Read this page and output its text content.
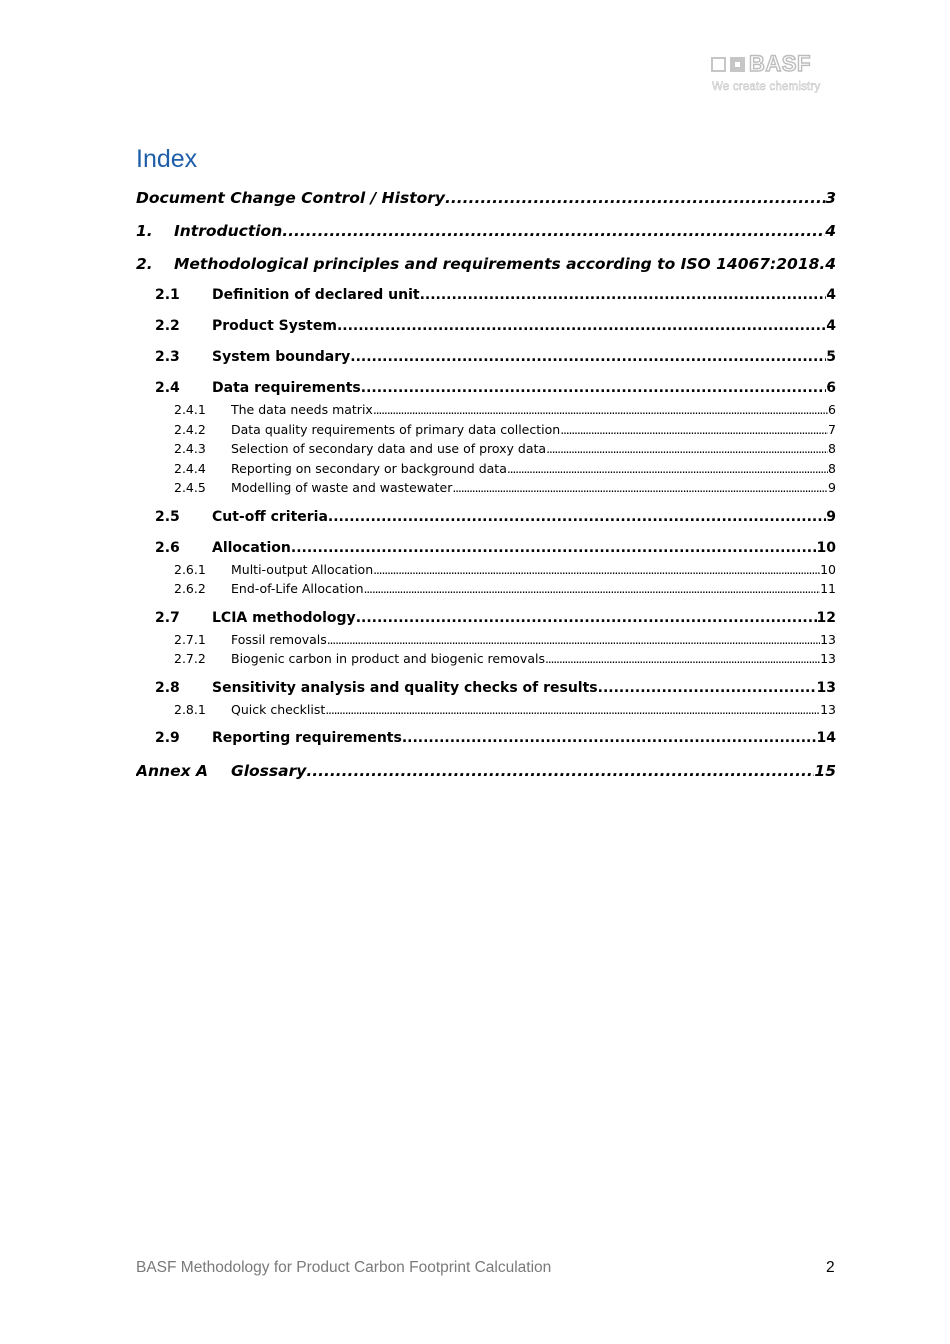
BASF
We create chemistry
Index
Document Change Control / History .....	3
1.	Introduction .....	4
2.	Methodological principles and requirements according to ISO 14067:2018 ..... 4
2.1	Definition of declared unit .....	4
2.2	Product System .....	4
2.3	System boundary .....	5
2.4	Data requirements .....	6
2.4.1	The data needs matrix .....	6
2.4.2	Data quality requirements of primary data collection .....	7
2.4.3	Selection of secondary data and use of proxy data .....	8
2.4.4	Reporting on secondary or background data .....	8
2.4.5	Modelling of waste and wastewater .....	9
2.5	Cut-off criteria .....	9
2.6	Allocation .....	10
2.6.1	Multi-output Allocation .....	10
2.6.2	End-of-Life Allocation .....	11
2.7	LCIA methodology .....	12
2.7.1	Fossil removals .....	13
2.7.2	Biogenic carbon in product and biogenic removals .....	13
2.8	Sensitivity analysis and quality checks of results .....	13
2.8.1	Quick checklist .....	13
2.9	Reporting requirements .....	14
Annex A	Glossary .....	15
BASF Methodology for Product Carbon Footprint Calculation	2
